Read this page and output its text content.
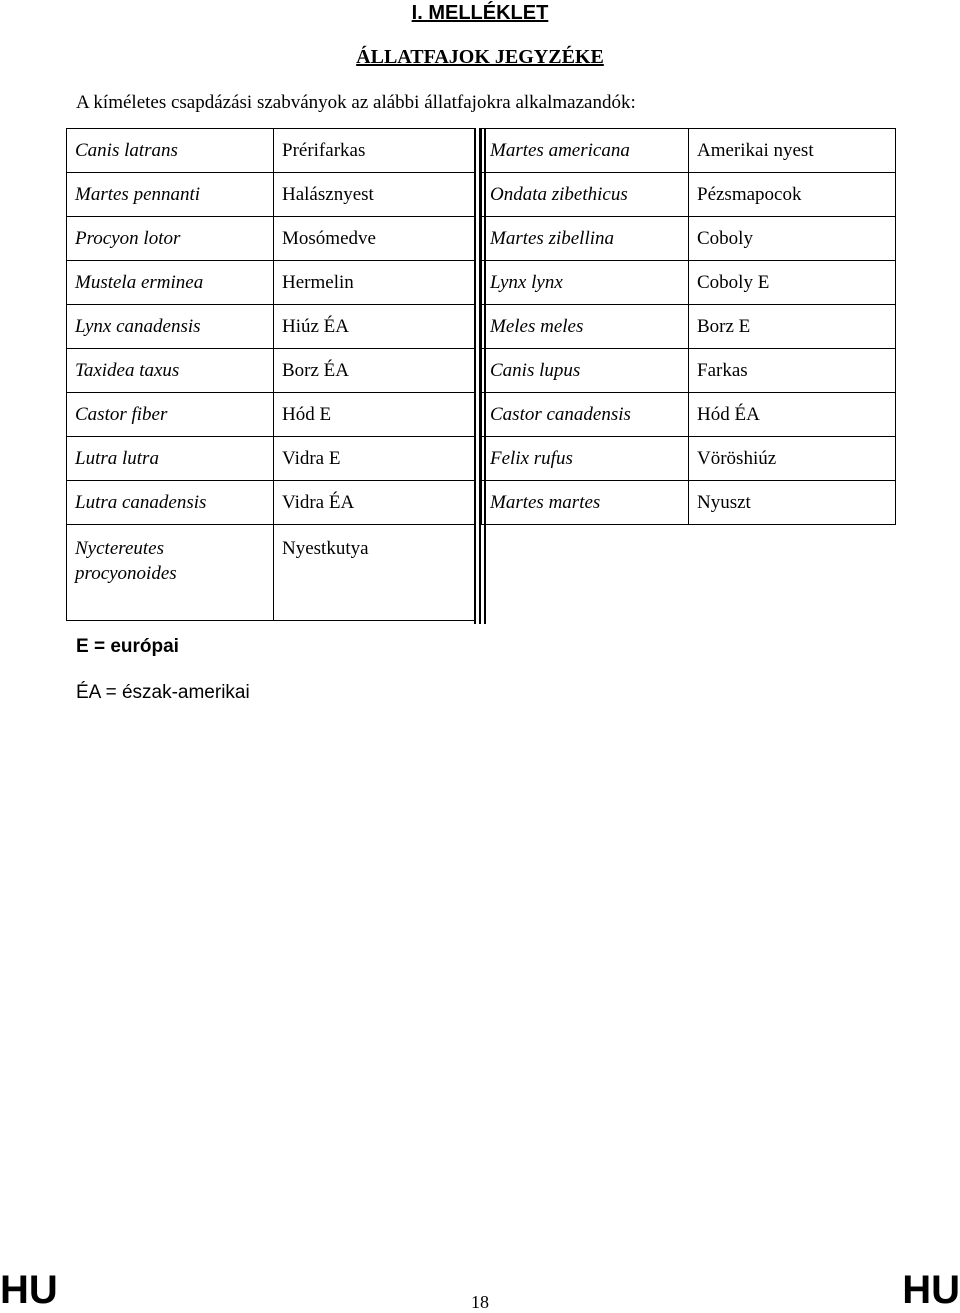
I. MELLÉKLET
ÁLLATFAJOK JEGYZÉKE
A kíméletes csapdázási szabványok az alábbi állatfajokra alkalmazandók:
Canis latrans	Prérifarkas
Martes pennanti	Halásznyest
Procyon lotor	Mosómedve
Mustela erminea	Hermelin
Lynx canadensis	Hiúz ÉA
Taxidea taxus	Borz ÉA
Castor fiber	Hód E
Lutra lutra	Vidra E
Lutra canadensis	Vidra ÉA

Nyctereutes
procyonoides	Nyestkutya
Martes americana	Amerikai nyest
Ondata zibethicus	Pézsmapocok
Martes zibellina	Coboly
Lynx lynx	Coboly E
Meles meles	Borz E
Canis lupus	Farkas
Castor canadensis	Hód ÉA
Felix rufus	Vöröshiúz
Martes martes	Nyuszt
E = európai
ÉA = észak-amerikai
HU	18	HU
